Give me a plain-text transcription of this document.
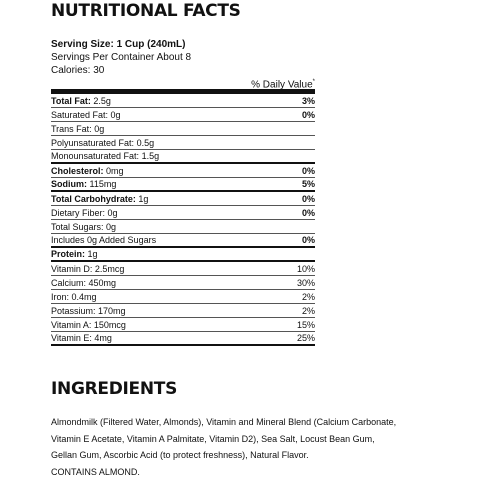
NUTRITIONAL FACTS
Serving Size: 1 Cup (240mL)
Servings Per Container About 8
Calories: 30
% Daily Value*
Total Fat: 2.5g	3%
Saturated Fat: 0g	0%
Trans Fat: 0g
Polyunsaturated Fat: 0.5g
Monounsaturated Fat: 1.5g
Cholesterol: 0mg	0%
Sodium: 115mg	5%
Total Carbohydrate: 1g	0%
Dietary Fiber: 0g	0%
Total Sugars: 0g
Includes 0g Added Sugars	0%
Protein: 1g
Vitamin D: 2.5mcg	10%
Calcium: 450mg	30%
Iron: 0.4mg	2%
Potassium: 170mg	2%
Vitamin A: 150mcg	15%
Vitamin E: 4mg	25%
INGREDIENTS
Almondmilk (Filtered Water, Almonds), Vitamin and Mineral Blend (Calcium Carbonate,
Vitamin E Acetate, Vitamin A Palmitate, Vitamin D2), Sea Salt, Locust Bean Gum,
Gellan Gum, Ascorbic Acid (to protect freshness), Natural Flavor.
CONTAINS ALMOND.
